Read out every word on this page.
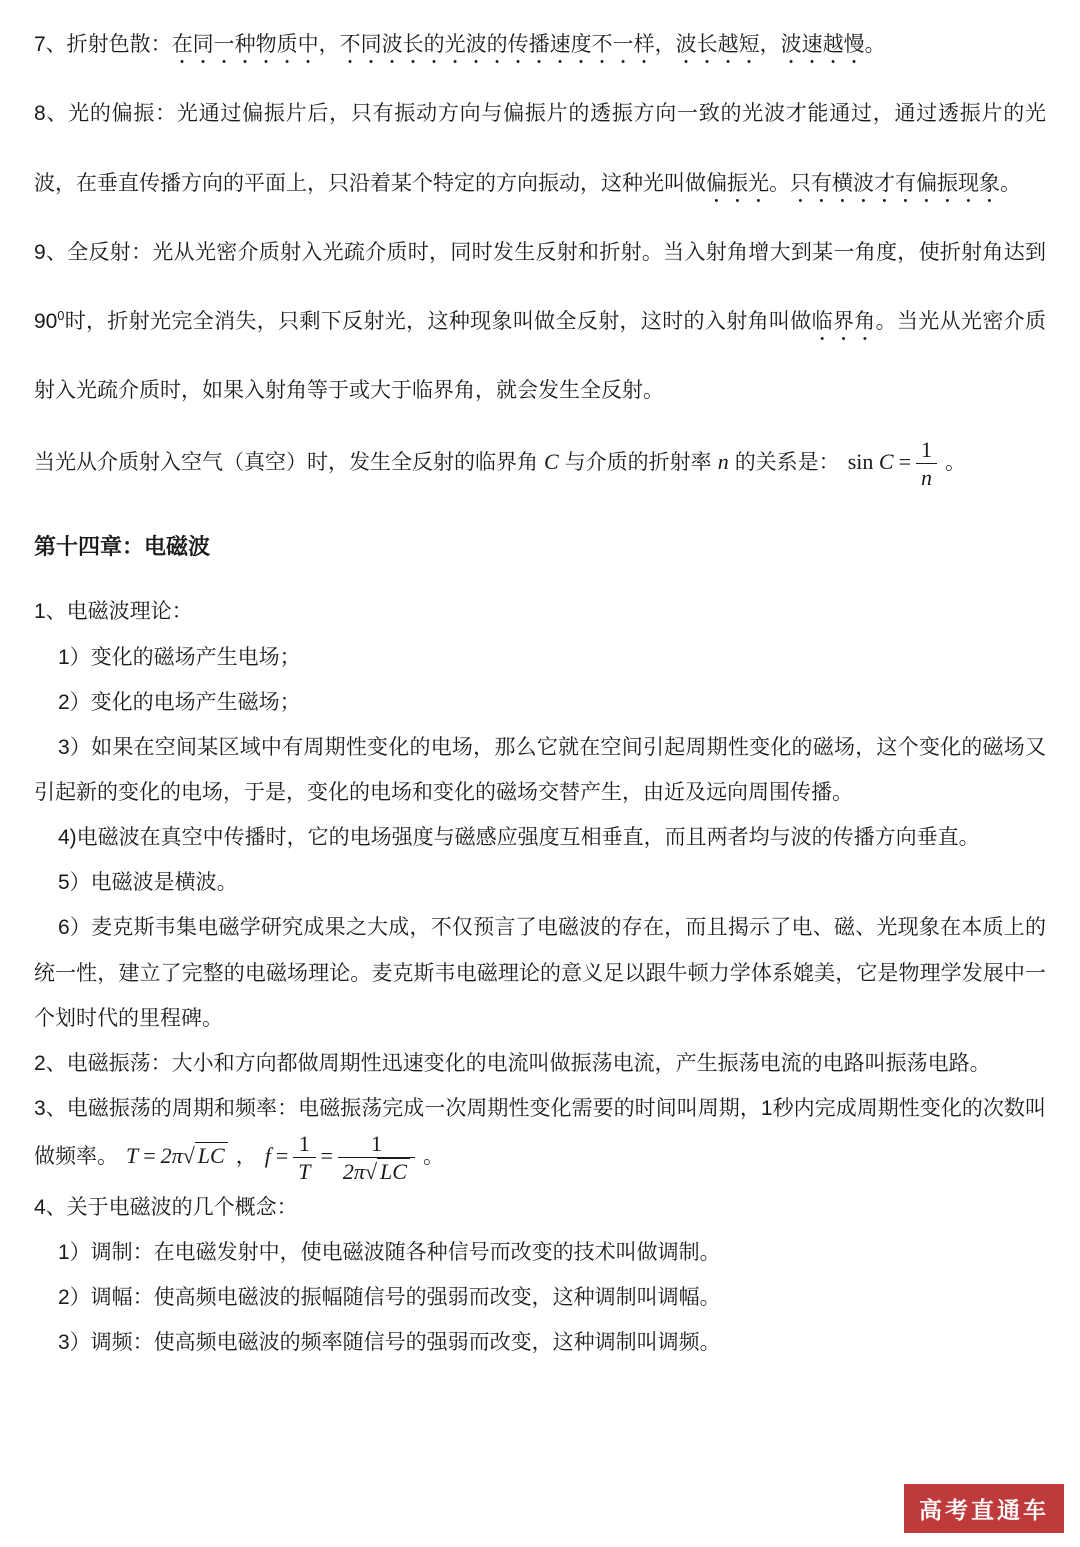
7、折射色散：在同一种物质中，不同波长的光波的传播速度不一样，波长越短，波速越慢。

8、光的偏振：光通过偏振片后，只有振动方向与偏振片的透振方向一致的光波才能通过，通过透振片的光波，在垂直传播方向的平面上，只沿着某个特定的方向振动，这种光叫做偏振光。只有横波才有偏振现象。

9、全反射：光从光密介质射入光疏介质时，同时发生反射和折射。当入射角增大到某一角度，使折射角达到$90^0$时，折射光完全消失，只剩下反射光，这种现象叫做全反射，这时的入射角叫做临界角。当光从光密介质射入光疏介质时，如果入射角等于或大于临界角，就会发生全反射。

当光从介质射入空气（真空）时，发生全反射的临界角 C 与介质的折射率 n 的关系是： $\sin C = \frac{1}{n}$ 。

第十四章：电磁波

1、电磁波理论：

1）变化的磁场产生电场；

2）变化的电场产生磁场；

3）如果在空间某区域中有周期性变化的电场，那么它就在空间引起周期性变化的磁场，这个变化的磁场又引起新的变化的电场，于是，变化的电场和变化的磁场交替产生，由近及远向周围传播。

4)电磁波在真空中传播时，它的电场强度与磁感应强度互相垂直，而且两者均与波的传播方向垂直。

5）电磁波是横波。

6）麦克斯韦集电磁学研究成果之大成，不仅预言了电磁波的存在，而且揭示了电、磁、光现象在本质上的统一性，建立了完整的电磁场理论。麦克斯韦电磁理论的意义足以跟牛顿力学体系媲美，它是物理学发展中一个划时代的里程碑。

2、电磁振荡：大小和方向都做周期性迅速变化的电流叫做振荡电流，产生振荡电流的电路叫振荡电路。

3、电磁振荡的周期和频率：电磁振荡完成一次周期性变化需要的时间叫周期，1秒内完成周期性变化的次数叫做频率。 T = 2π√ LC ， $f = \frac{1}{T} = \frac{1}{2\pi√ LC}$ 。

4、关于电磁波的几个概念：

1）调制：在电磁发射中，使电磁波随各种信号而改变的技术叫做调制。

2）调幅：使高频电磁波的振幅随信号的强弱而改变，这种调制叫调幅。

3）调频：使高频电磁波的频率随信号的强弱而改变，这种调制叫调频。

高考直通车
